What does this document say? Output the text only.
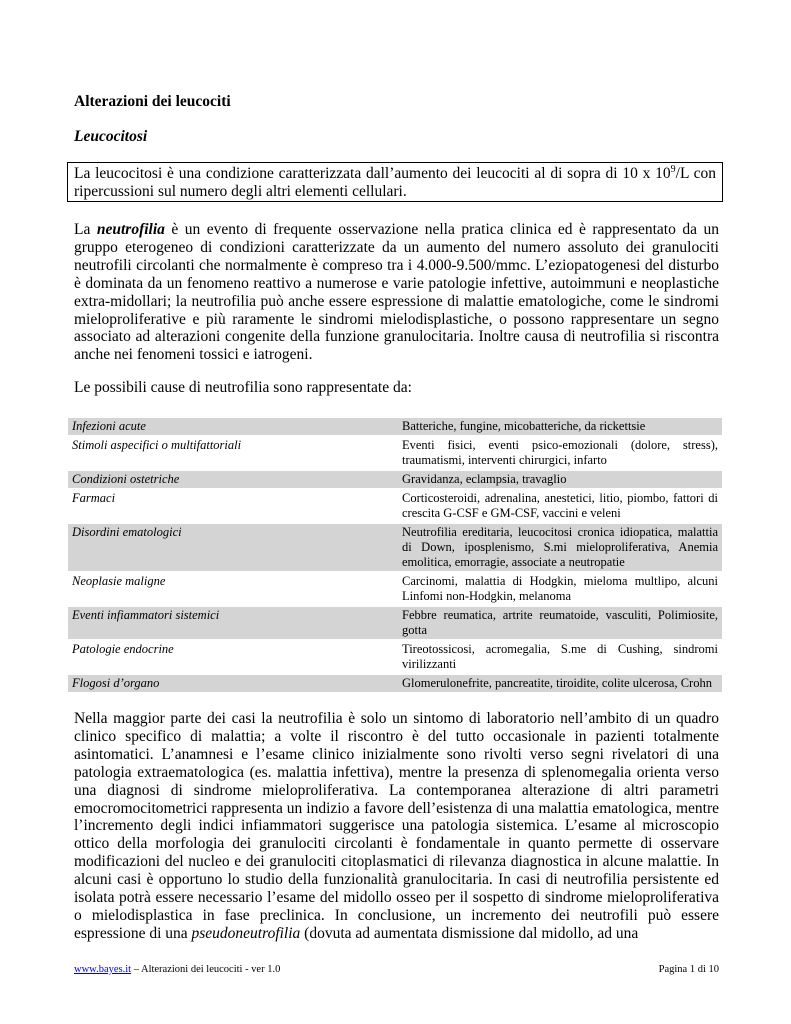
Alterazioni dei leucociti
Leucocitosi
La leucocitosi è una condizione caratterizzata dall’aumento dei leucociti al di sopra di 10 x $10^9/L$ con ripercussioni sul numero degli altri elementi cellulari.

La neutrofilia è un evento di frequente osservazione nella pratica clinica ed è rappresentato da un gruppo eterogeneo di condizioni caratterizzate da un aumento del numero assoluto dei granulociti neutrofili circolanti che normalmente è compreso tra i 4.000-9.500/mmc. L’eziopatogenesi del disturbo è dominata da un fenomeno reattivo a numerose e varie patologie infettive, autoimmuni e neoplastiche extra-midollari; la neutrofilia può anche essere espressione di malattie ematologiche, come le sindromi mieloproliferative e più raramente le sindromi mielodisplastiche, o possono rappresentare un segno associato ad alterazioni congenite della funzione granulocitaria. Inoltre causa di neutrofilia si riscontra anche nei fenomeni tossici e iatrogeni.

Le possibili cause di neutrofilia sono rappresentate da:

Infezioni acute		Batteriche, fungine, micobatteriche, da rickettsie
Stimoli aspecifici o multifattoriali		Eventi fisici, eventi psico-emozionali (dolore, stress), traumatismi, interventi chirurgici, infarto
Condizioni ostetriche		Gravidanza, eclampsia, travaglio
Farmaci		Corticosteroidi, adrenalina, anestetici, litio, piombo, fattori di crescita G-CSF e GM-CSF, vaccini e veleni
Disordini ematologici		Neutrofilia ereditaria, leucocitosi cronica idiopatica, malattia di Down, iposplenismo, S.mi mieloproliferativa, Anemia emolitica, emorragie, associate a neutropatie
Neoplasie maligne		Carcinomi, malattia di Hodgkin, mieloma multlipo, alcuni Linfomi non-Hodgkin, melanoma
Eventi infiammatori sistemici		Febbre reumatica, artrite reumatoide, vasculiti, Polimiosite, gotta
Patologie endocrine		Tireotossicosi, acromegalia, S.me di Cushing, sindromi virilizzanti
Flogosi d’organo		Glomerulonefrite, pancreatite, tiroidite, colite ulcerosa, Crohn

Nella maggior parte dei casi la neutrofilia è solo un sintomo di laboratorio nell’ambito di un quadro clinico specifico di malattia; a volte il riscontro è del tutto occasionale in pazienti totalmente asintomatici. L’anamnesi e l’esame clinico inizialmente sono rivolti verso segni rivelatori di una patologia extraematologica (es. malattia infettiva), mentre la presenza di splenomegalia orienta verso una diagnosi di sindrome mieloproliferativa. La contemporanea alterazione di altri parametri emocromocitometrici rappresenta un indizio a favore dell’esistenza di una malattia ematologica, mentre l’incremento degli indici infiammatori suggerisce una patologia sistemica. L’esame al microscopio ottico della morfologia dei granulociti circolanti è fondamentale in quanto permette di osservare modificazioni del nucleo e dei granulociti citoplasmatici di rilevanza diagnostica in alcune malattie. In alcuni casi è opportuno lo studio della funzionalità granulocitaria. In casi di neutrofilia persistente ed isolata potrà essere necessario l’esame del midollo osseo per il sospetto di sindrome mieloproliferativa o mielodisplastica in fase preclinica. In conclusione, un incremento dei neutrofili può essere espressione di una pseudoneutrofilia (dovuta ad aumentata dismissione dal midollo, ad una

www.bayes.it – Alterazioni dei leucociti - ver 1.0	Pagina 1 di 10
